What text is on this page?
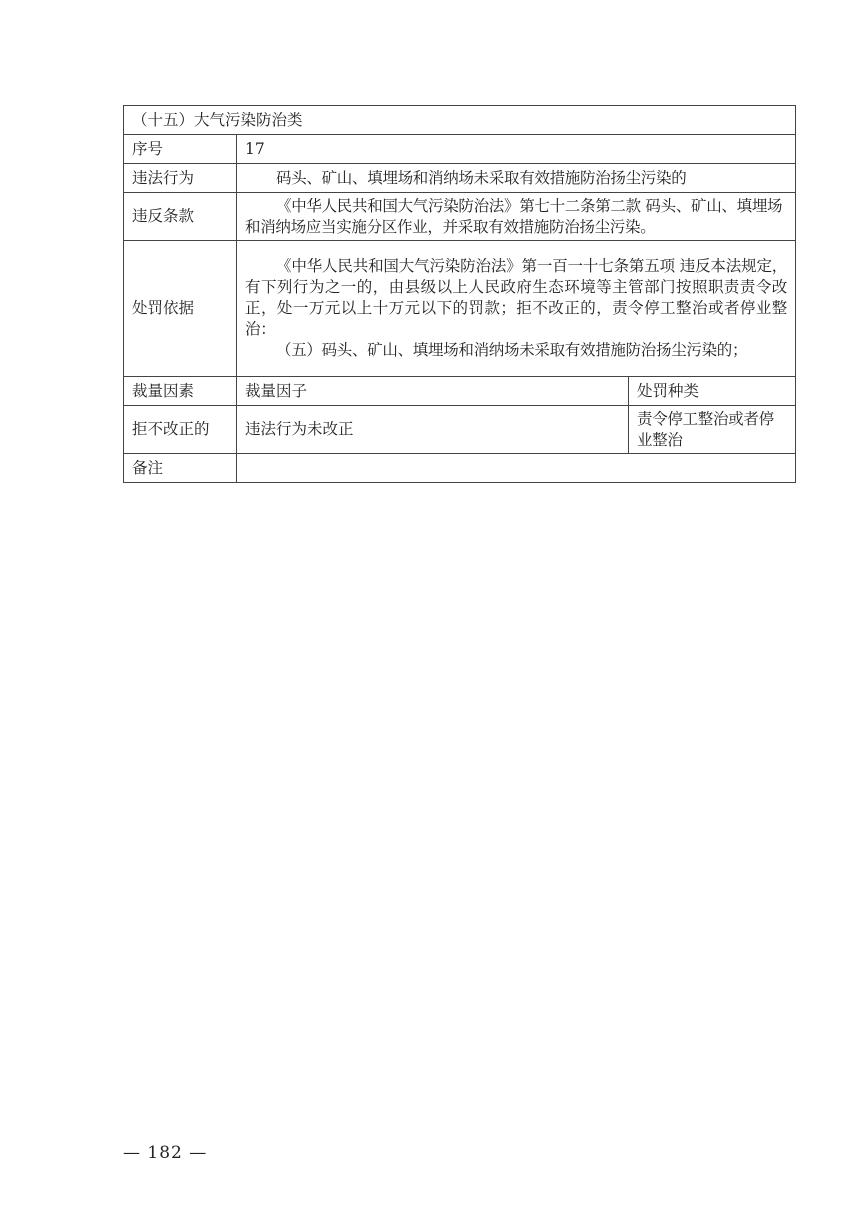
（十五）大气污染防治类		
序号	17	
违法行为	码头、矿山、填埋场和消纳场未采取有效措施防治扬尘污染的	
违反条款	《中华人民共和国大气污染防治法》第七十二条第二款 码头、矿山、填埋场和消纳场应当实施分区作业，并采取有效措施防治扬尘污染。	
处罚依据	《中华人民共和国大气污染防治法》第一百一十七条第五项 违反本法规定，有下列行为之一的，由县级以上人民政府生态环境等主管部门按照职责责令改正，处一万元以上十万元以下的罚款；拒不改正的，责令停工整治或者停业整治：
（五）码头、矿山、填埋场和消纳场未采取有效措施防治扬尘污染的；	

裁量因素	裁量因子	处罚种类
拒不改正的	违法行为未改正	责令停工整治或者停业整治
备注		
— 182 —
